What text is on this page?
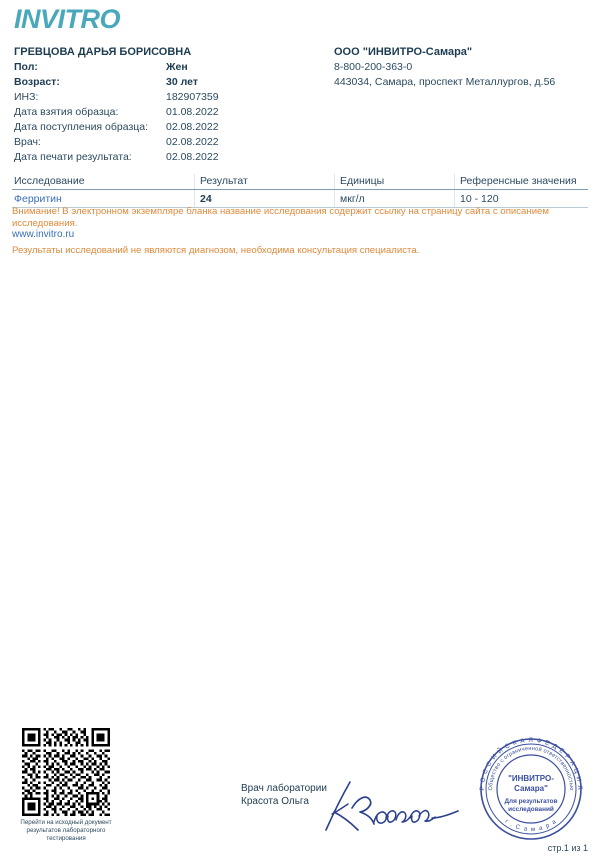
INVITRO
ГРЕВЦОВА ДАРЬЯ БОРИСОВНА
Пол:	Жен
Возраст:	30 лет
ИНЗ:	182907359
Дата взятия образца:	01.08.2022
Дата поступления образца: 02.08.2022
Врач:	02.08.2022
Дата печати результата:	02.08.2022
ООО "ИНВИТРО-Самара"
8-800-200-363-0
443034, Самара, проспект Металлургов, д.56
Исследование	Результат	Единицы	Референсные значения
Ферритин	24	мкг/л	10 - 120
Внимание! В электронном экземпляре бланка название исследования содержит ссылку на страницу сайта с описанием исследования.
www.invitro.ru
Результаты исследований не являются диагнозом, необходима консультация специалиста.
Перейти на исходный документ результатов лабораторного тестирования
Врач лаборатории
Красота Ольга
Р О С С И Й С К А Я Ф Е Д Е Р А Ц И Я
Общество с ограниченной ответственностью
г . С а м а р а
"ИНВИТРО-
Самара"
Для результатов
исследований
стр.1 из 1
